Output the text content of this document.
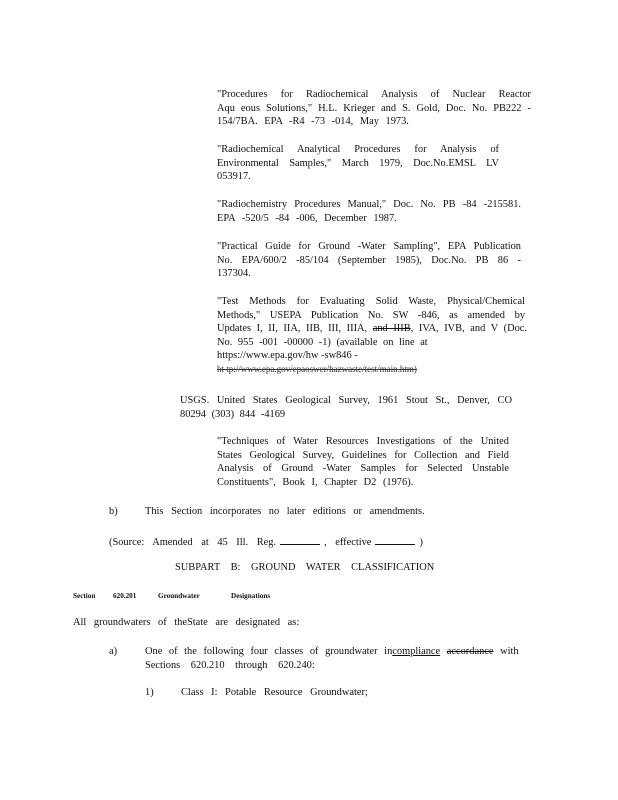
"Procedures for Radiochemical Analysis of Nuclear Reactor
Aqu eous Solutions," H.L. Krieger and S. Gold, Doc. No. PB222 -
154/7BA. EPA -R4 -73 -014, May 1973.
"Radiochemical Analytical Procedures for Analysis of
Environmental Samples," March 1979, Doc.No.EMSL LV
053917.
"Radiochemistry Procedures Manual," Doc. No. PB -84 -215581.
EPA -520/5 -84 -006, December 1987.
"Practical Guide for Ground -Water Sampling", EPA Publication
No. EPA/600/2 -85/104 (September 1985), Doc.No. PB 86 -
137304.
"Test Methods for Evaluating Solid Waste, Physical/Chemical
Methods," USEPA Publication No. SW -846, as amended by
Updates I, II, IIA, IIB, III, IIIA, and IIIB, IVA, IVB, and V (Doc.
No. 955 -001 -00000 -1) (available on line at
https://www.epa.gov/hw -sw846 -
ht tp://www.epa.gov/epaoswer/hazwaste/test/main.htm)
USGS. United States Geological Survey, 1961 Stout St., Denver, CO
80294 (303) 844 -4169
"Techniques of Water Resources Investigations of the United
States Geological Survey, Guidelines for Collection and Field
Analysis of Ground -Water Samples for Selected Unstable
Constituents", Book I, Chapter D2 (1976).
b)	This Section incorporates no later editions or amendments.
(Source: Amended at 45 Ill. Reg.	, effective	)
SUBPART B: GROUND WATER CLASSIFICATION
Section 620.201	Groundwater	Designations
All groundwaters of theState are designated as:
a)	One of the following four classes of groundwater incompliance accordance with
Sections 620.210 through 620.240:
1)	Class I: Potable Resource Groundwater;
